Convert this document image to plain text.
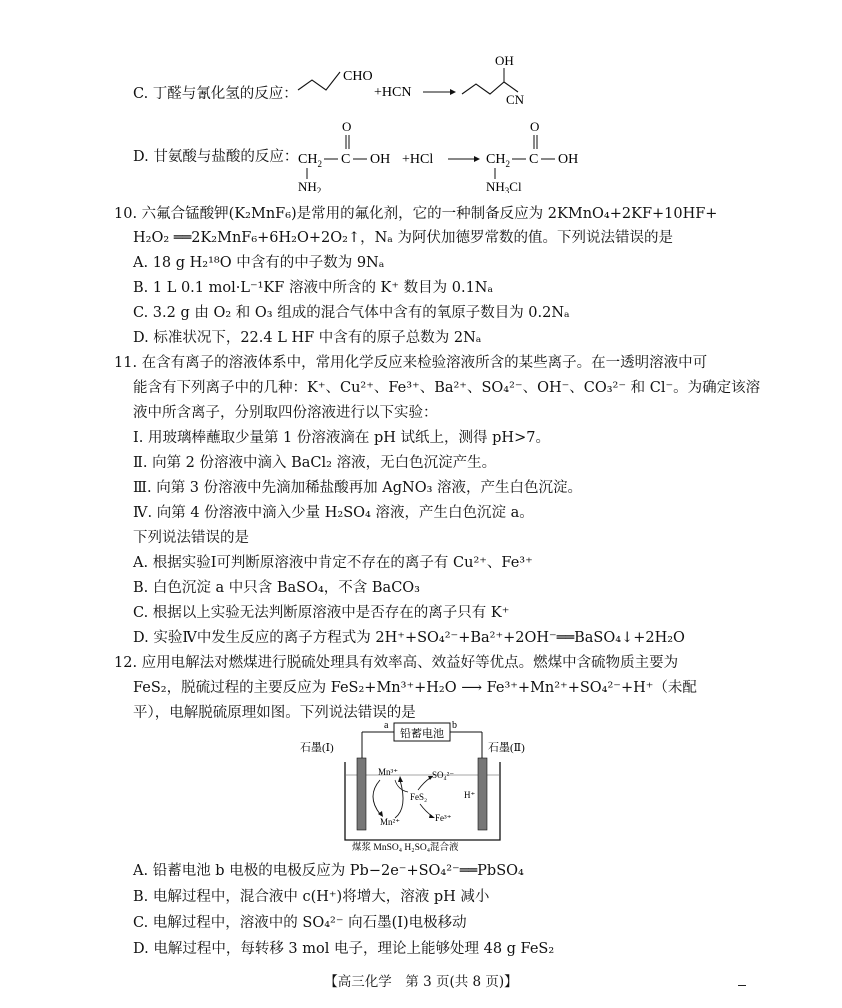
C. 丁醛与氰化氢的反应：
CHO
+HCN
OH
CN
D. 甘氨酸与盐酸的反应： $CH_2$ C
O
OH
$NH_2$
+HCl	$CH_2$ C
O
OH
$NH_3Cl$
10. 六氟合锰酸钾(K₂MnF₆)是常用的氟化剂，它的一种制备反应为 2KMnO₄+2KF+10HF+
H₂O₂ ══2K₂MnF₆+6H₂O+2O₂↑，Nₐ 为阿伏加德罗常数的值。下列说法错误的是
A. 18 g H₂¹⁸O 中含有的中子数为 9Nₐ
B. 1 L 0.1 mol·L⁻¹KF 溶液中所含的 K⁺ 数目为 0.1Nₐ
C. 3.2 g 由 O₂ 和 O₃ 组成的混合气体中含有的氧原子数目为 0.2Nₐ
D. 标准状况下，22.4 L HF 中含有的原子总数为 2Nₐ
11. 在含有离子的溶液体系中，常用化学反应来检验溶液所含的某些离子。在一透明溶液中可
能含有下列离子中的几种：K⁺、Cu²⁺、Fe³⁺、Ba²⁺、SO₄²⁻、OH⁻、CO₃²⁻ 和 Cl⁻。为确定该溶
液中所含离子，分别取四份溶液进行以下实验：
Ⅰ. 用玻璃棒蘸取少量第 1 份溶液滴在 pH 试纸上，测得 pH>7。
Ⅱ. 向第 2 份溶液中滴入 BaCl₂ 溶液，无白色沉淀产生。
Ⅲ. 向第 3 份溶液中先滴加稀盐酸再加 AgNO₃ 溶液，产生白色沉淀。
Ⅳ. 向第 4 份溶液中滴入少量 H₂SO₄ 溶液，产生白色沉淀 a。
下列说法错误的是
A. 根据实验Ⅰ可判断原溶液中肯定不存在的离子有 Cu²⁺、Fe³⁺
B. 白色沉淀 a 中只含 BaSO₄，不含 BaCO₃
C. 根据以上实验无法判断原溶液中是否存在的离子只有 K⁺
D. 实验Ⅳ中发生反应的离子方程式为 2H⁺+SO₄²⁻+Ba²⁺+2OH⁻══BaSO₄↓+2H₂O
12. 应用电解法对燃煤进行脱硫处理具有效率高、效益好等优点。燃煤中含硫物质主要为
FeS₂，脱硫过程的主要反应为 FeS₂+Mn³⁺+H₂O ⟶ Fe³⁺+Mn²⁺+SO₄²⁻+H⁺（未配
平），电解脱硫原理如图。下列说法错误的是
铅蓄电池
a	b
石墨(Ⅰ)	石墨(Ⅱ)
Mn³⁺
Mn²⁺
FeS₂
SO₄²⁻
Fe³⁺
H⁺
煤浆 MnSO₄ H₂SO₄混合液
A. 铅蓄电池 b 电极的电极反应为 Pb−2e⁻+SO₄²⁻══PbSO₄
B. 电解过程中，混合液中 c(H⁺)将增大，溶液 pH 减小
C. 电解过程中，溶液中的 SO₄²⁻ 向石墨(Ⅰ)电极移动
D. 电解过程中，每转移 3 mol 电子，理论上能够处理 48 g FeS₂
【高三化学　第 3 页(共 8 页)】
